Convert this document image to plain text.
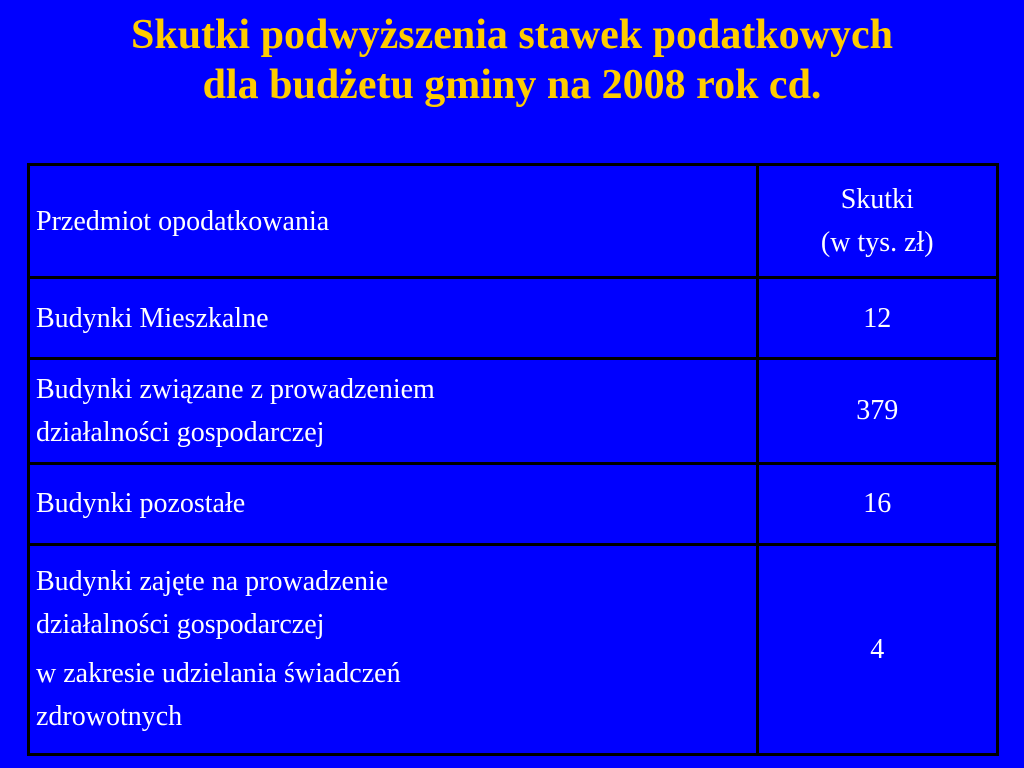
Skutki podwyższenia stawek podatkowych
dla budżetu gminy na 2008 rok cd.
Przedmiot opodatkowania	Skutki
(w tys. zł)

Budynki Mieszkalne	12

Budynki związane z prowadzeniem
działalności gospodarczej	379

Budynki pozostałe	16

Budynki zajęte na prowadzenie
działalności gospodarczej
w zakresie udzielania świadczeń
zdrowotnych	4
